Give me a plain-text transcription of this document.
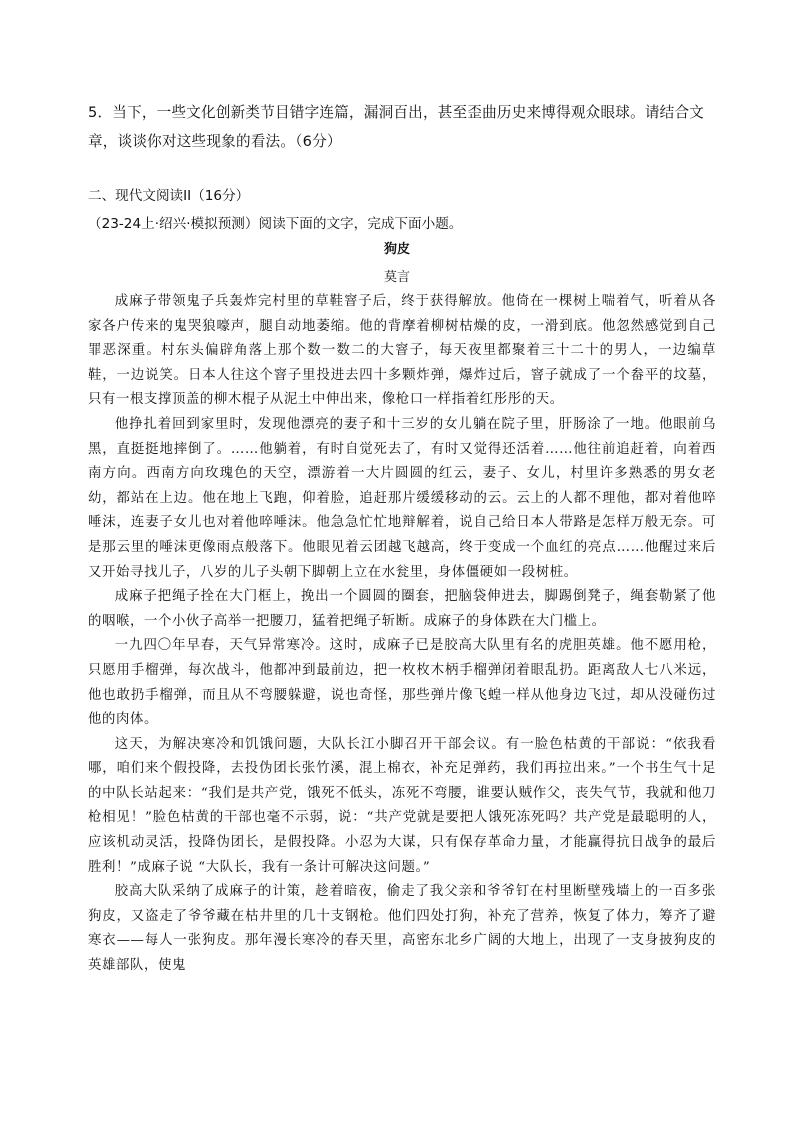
5．当下，一些文化创新类节目错字连篇，漏洞百出，甚至歪曲历史来博得观众眼球。请结合文章，谈谈你对这些现象的看法。（6分）
二、现代文阅读II（16分）
（23-24上·绍兴·模拟预测）阅读下面的文字，完成下面小题。
狗皮
莫言

成麻子带领鬼子兵轰炸完村里的草鞋窨子后，终于获得解放。他倚在一棵树上喘着气，听着从各家各户传来的鬼哭狼嚎声，腿自动地萎缩。他的背摩着柳树枯燥的皮，一滑到底。他忽然感觉到自己罪恶深重。村东头偏辟角落上那个数一数二的大窨子，每天夜里都聚着三十二十的男人，一边编草鞋，一边说笑。日本人往这个窨子里投进去四十多颗炸弹，爆炸过后，窨子就成了一个畚平的坟墓，只有一根支撑顶盖的柳木棍子从泥土中伸出来，像枪口一样指着红彤彤的天。

他挣扎着回到家里时，发现他漂亮的妻子和十三岁的女儿躺在院子里，肝肠涂了一地。他眼前乌黑，直挺挺地摔倒了。……他躺着，有时自觉死去了，有时又觉得还活着……他往前追赶着，向着西南方向。西南方向玫瑰色的天空，漂游着一大片圆圆的红云，妻子、女儿，村里许多熟悉的男女老幼，都站在上边。他在地上飞跑，仰着脸，追赶那片缓缓移动的云。云上的人都不理他，都对着他啐唾沫，连妻子女儿也对着他啐唾沫。他急急忙忙地辩解着，说自己给日本人带路是怎样万般无奈。可是那云里的唾沫更像雨点般落下。他眼见着云团越飞越高，终于变成一个血红的亮点……他醒过来后又开始寻找儿子，八岁的儿子头朝下脚朝上立在水瓮里，身体僵硬如一段树桩。

成麻子把绳子拴在大门框上，挽出一个圆圆的圈套，把脑袋伸进去，脚踢倒凳子，绳套勒紧了他的咽喉，一个小伙子高举一把腰刀，猛着把绳子斩断。成麻子的身体跌在大门槛上。

一九四〇年早春，天气异常寒冷。这时，成麻子已是胶高大队里有名的虎胆英雄。他不愿用枪，只愿用手榴弹，每次战斗，他都冲到最前边，把一枚枚木柄手榴弹闭着眼乱扔。距离敌人七八米远，他也敢扔手榴弹，而且从不弯腰躲避，说也奇怪，那些弹片像飞蝗一样从他身边飞过，却从没碰伤过他的肉体。

这天，为解决寒冷和饥饿问题，大队长江小脚召开干部会议。有一脸色枯黄的干部说：“依我看哪，咱们来个假投降，去投伪团长张竹溪，混上棉衣，补充足弹药，我们再拉出来。”一个书生气十足的中队长站起来：“我们是共产党，饿死不低头，冻死不弯腰，谁要认贼作父，丧失气节，我就和他刀枪相见！”脸色枯黄的干部也毫不示弱，说：“共产党就是要把人饿死冻死吗？共产党是最聪明的人，应该机动灵活，投降伪团长，是假投降。小忍为大谋，只有保存革命力量，才能赢得抗日战争的最后胜利！”成麻子说 “大队长，我有一条计可解决这问题。”

胶高大队采纳了成麻子的计策，趁着暗夜，偷走了我父亲和爷爷钉在村里断壁残墙上的一百多张狗皮，又盗走了爷爷藏在枯井里的几十支钢枪。他们四处打狗，补充了营养，恢复了体力，筹齐了避寒衣——每人一张狗皮。那年漫长寒冷的春天里，高密东北乡广阔的大地上，出现了一支身披狗皮的英雄部队，使鬼
